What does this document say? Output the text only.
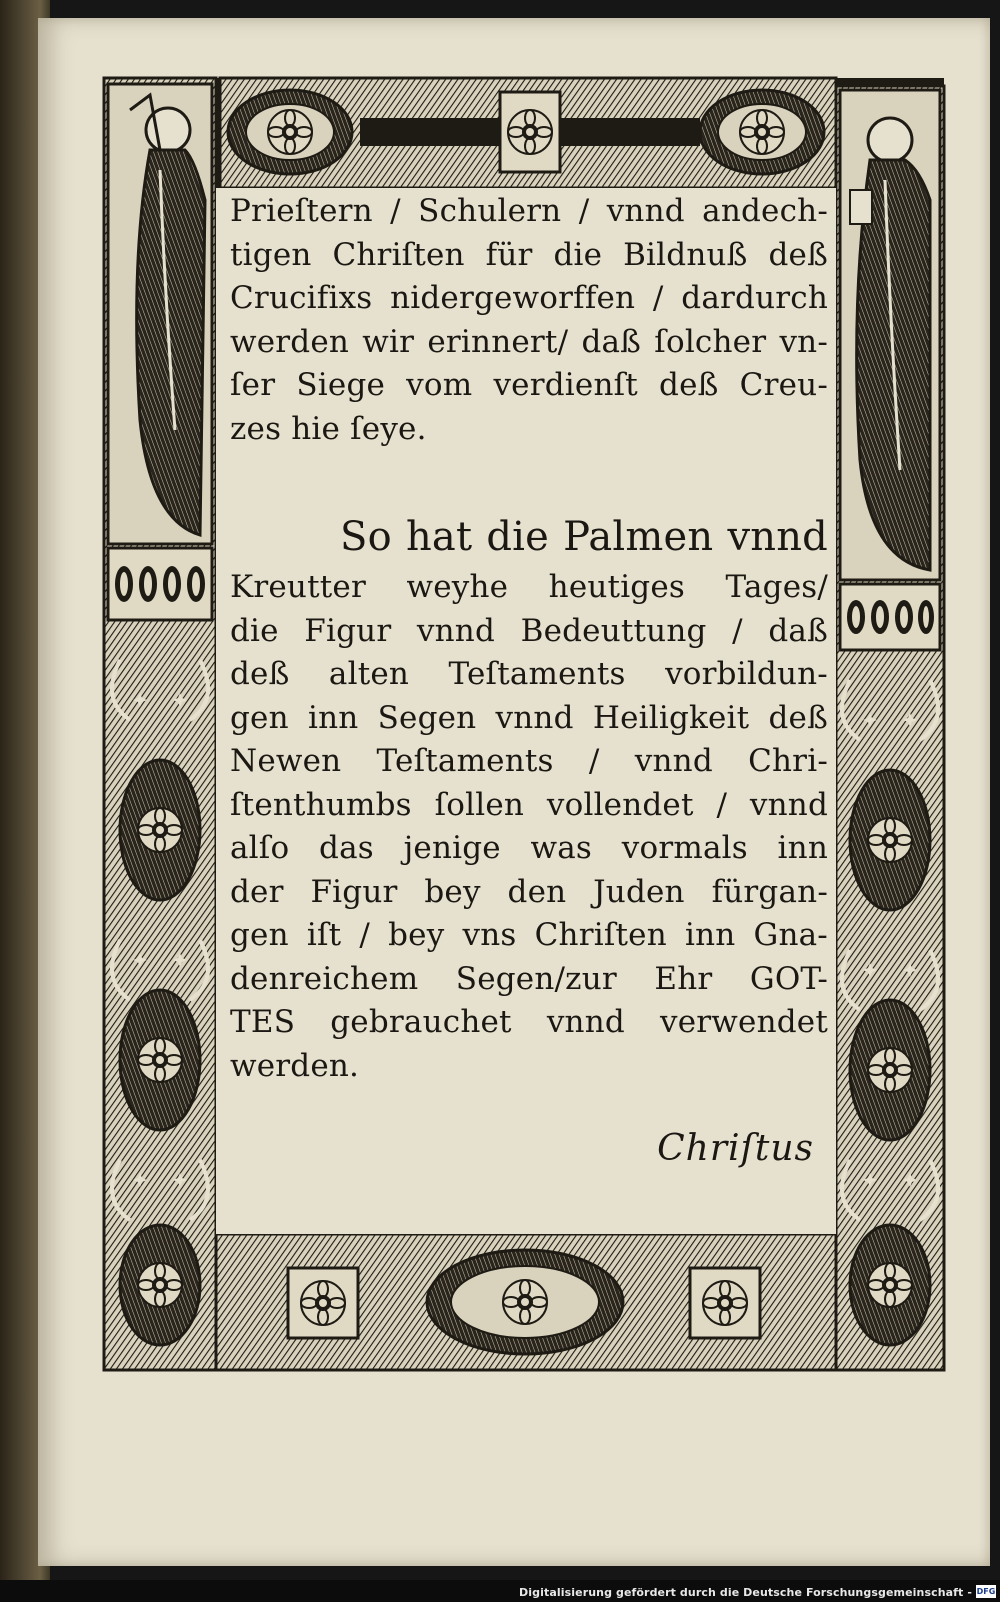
Prieſtern / Schulern / vnnd andech-
tigen Chriſten für die Bildnuß deß
Crucifixs nidergeworffen / dardurch
werden wir erinnert/ daß ſolcher vn-
ſer Siege vom verdienſt deß Creu-
zes hie ſeye.
So hat die Palmen vnnd
Kreutter weyhe heutiges Tages/
die Figur vnnd Bedeuttung / daß
deß alten Teſtaments vorbildun-
gen inn Segen vnnd Heiligkeit deß
Newen Teſtaments / vnnd Chri-
ſtenthumbs ſollen vollendet / vnnd
alſo das jenige was vormals inn
der Figur bey den Juden fürgan-
gen iſt / bey vns Chriſten inn Gna-
denreichem Segen/zur Ehr GOT-
TES gebrauchet vnnd verwendet
werden.
Chriſtus
Digitalisierung gefördert durch die Deutsche Forschungsgemeinschaft - DFG
